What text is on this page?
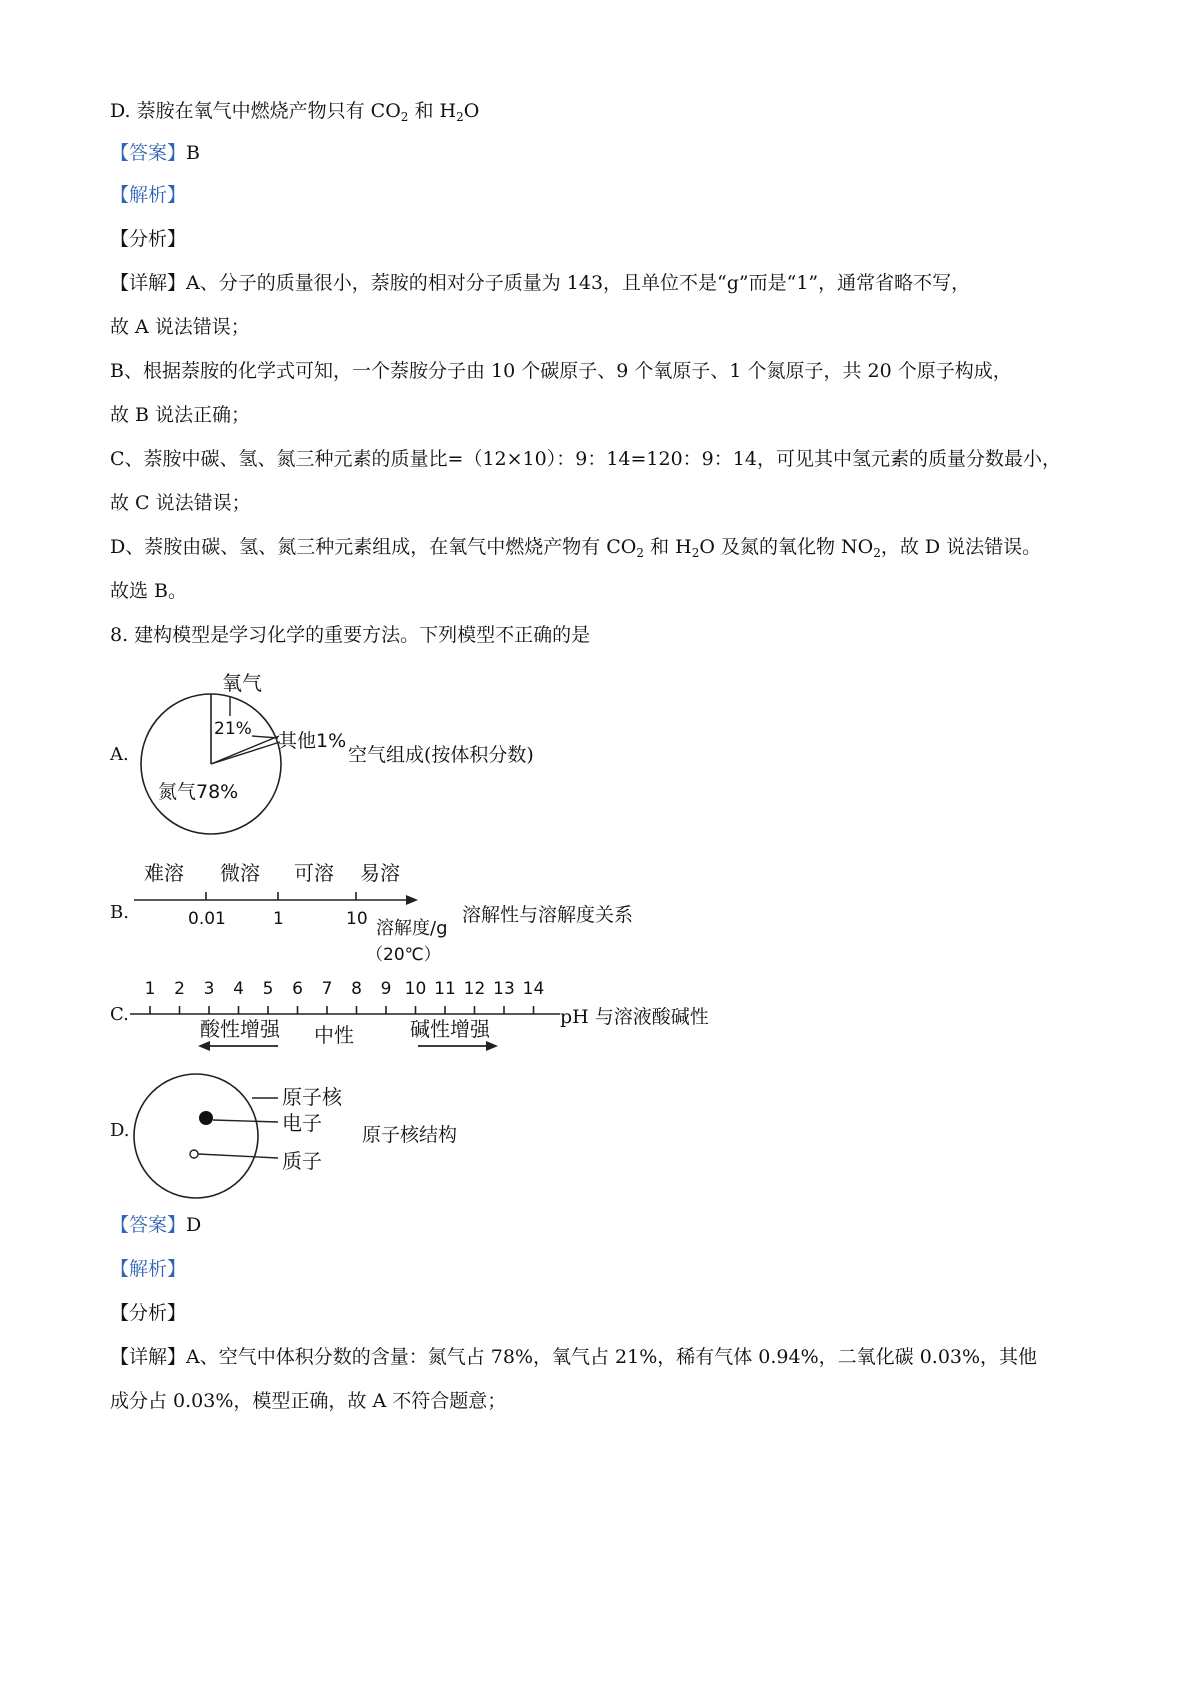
D. 萘胺在氧气中燃烧产物只有 $CO_2$ 和 $H_2O$
【答案】B
【解析】
【分析】
【详解】A、分子的质量很小，萘胺的相对分子质量为 143，且单位不是“g”而是“1”，通常省略不写，
故 A 说法错误；
B、根据萘胺的化学式可知，一个萘胺分子由 10 个碳原子、9 个氧原子、1 个氮原子，共 20 个原子构成，
故 B 说法正确；
C、萘胺中碳、氢、氮三种元素的质量比=（12×10）：9：14=120：9：14，可见其中氢元素的质量分数最小，
故 C 说法错误；
D、萘胺由碳、氢、氮三种元素组成，在氧气中燃烧产物有 $CO_2$ 和 $H_2O$ 及氮的氧化物 $NO_2$，故 D 说法错误。
故选 B。
8. 建构模型是学习化学的重要方法。下列模型不正确的是
A.
氧气
21%
其他1%
氮气78%
空气组成(按体积分数)
B.
难溶 微溶 可溶 易溶
0.01	1	10 溶解度/g
（20℃）
溶解性与溶解度关系
C.
1 2 3 4 5 6 7 8 9 10 11 12 13 14
酸性增强 中性	碱性增强	pH 与溶液酸碱性
D.
原子核
电子
质子
原子核结构
【答案】D
【解析】
【分析】
【详解】A、空气中体积分数的含量：氮气占 78%，氧气占 21%，稀有气体 0.94%，二氧化碳 0.03%，其他
成分占 0.03%，模型正确，故 A 不符合题意；
